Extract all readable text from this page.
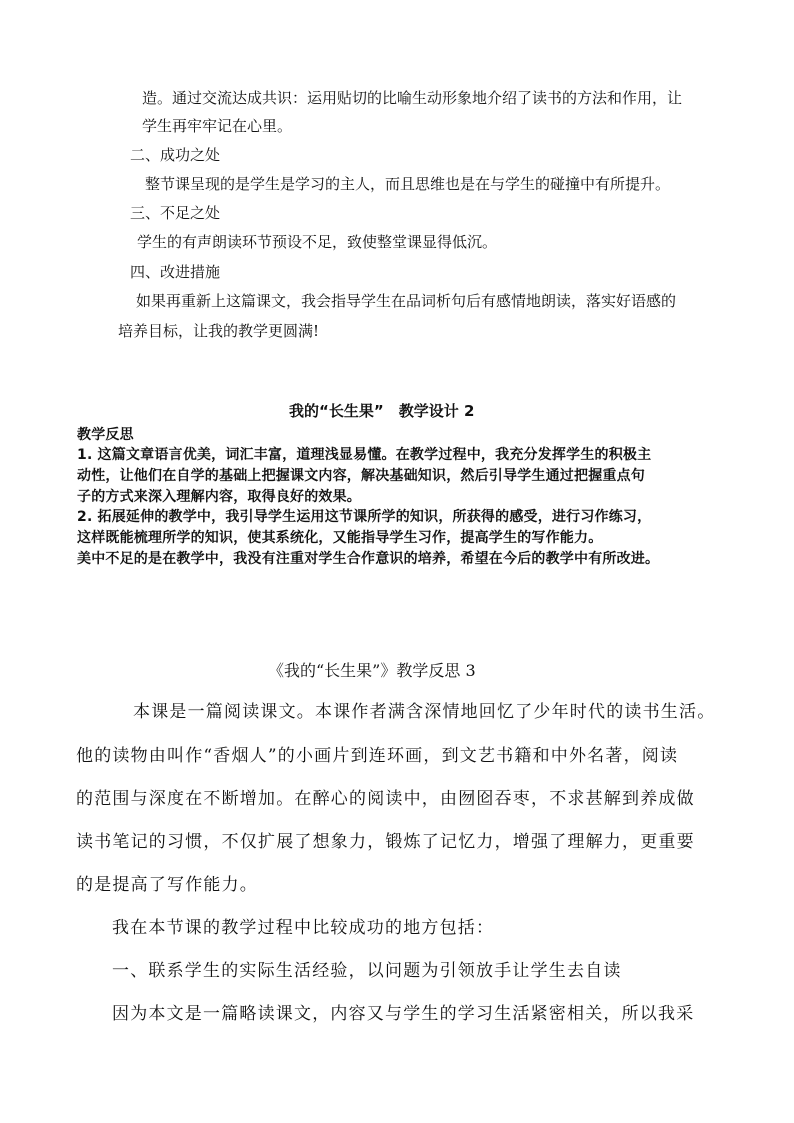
造。通过交流达成共识：运用贴切的比喻生动形象地介绍了读书的方法和作用，让

学生再牢牢记在心里。

二、成功之处

整节课呈现的是学生是学习的主人，而且思维也是在与学生的碰撞中有所提升。

三、不足之处

学生的有声朗读环节预设不足，致使整堂课显得低沉。

四、改进措施

如果再重新上这篇课文，我会指导学生在品词析句后有感情地朗读，落实好语感的

培养目标，让我的教学更圆满!

我的“长生果”　教学设计 2

教学反思

1. 这篇文章语言优美，词汇丰富，道理浅显易懂。在教学过程中，我充分发挥学生的积极主

动性，让他们在自学的基础上把握课文内容，解决基础知识，然后引导学生通过把握重点句

子的方式来深入理解内容，取得良好的效果。

2. 拓展延伸的教学中，我引导学生运用这节课所学的知识，所获得的感受，进行习作练习，

这样既能梳理所学的知识，使其系统化，又能指导学生习作，提高学生的写作能力。

美中不足的是在教学中，我没有注重对学生合作意识的培养，希望在今后的教学中有所改进。

《我的“长生果”》教学反思 3

本课是一篇阅读课文。本课作者满含深情地回忆了少年时代的读书生活。

他的读物由叫作“香烟人”的小画片到连环画，到文艺书籍和中外名著，阅读

的范围与深度在不断增加。在醉心的阅读中，由囫囵吞枣，不求甚解到养成做

读书笔记的习惯，不仅扩展了想象力，锻炼了记忆力，增强了理解力，更重要

的是提高了写作能力。

我在本节课的教学过程中比较成功的地方包括：

一、联系学生的实际生活经验，以问题为引领放手让学生去自读

因为本文是一篇略读课文，内容又与学生的学习生活紧密相关，所以我采
